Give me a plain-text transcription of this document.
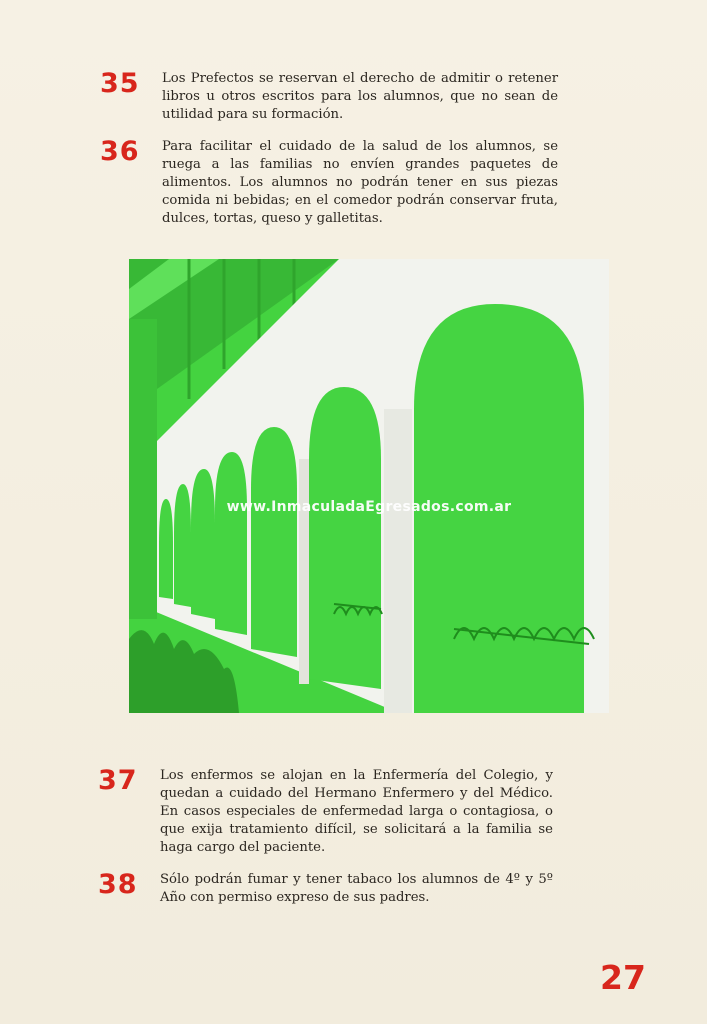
35 Los Prefectos se reservan el derecho de admitir o retener libros u otros escritos para los alumnos, que no sean de utilidad para su formación.

36 Para facilitar el cuidado de la salud de los alumnos, se ruega a las familias no envíen grandes paquetes de alimentos. Los alumnos no podrán tener en sus piezas comida ni bebidas; en el comedor podrán conservar fruta, dulces, tortas, queso y galletitas.

www.InmaculadaEgresados.com.ar
37 Los enfermos se alojan en la Enfermería del Colegio, y quedan a cuidado del Hermano Enfermero y del Médico. En casos especiales de enfermedad larga o contagiosa, o que exija tratamiento difícil, se solicitará a la familia se haga cargo del paciente.

38 Sólo podrán fumar y tener tabaco los alumnos de 4º y 5º Año con permiso expreso de sus padres.

27
